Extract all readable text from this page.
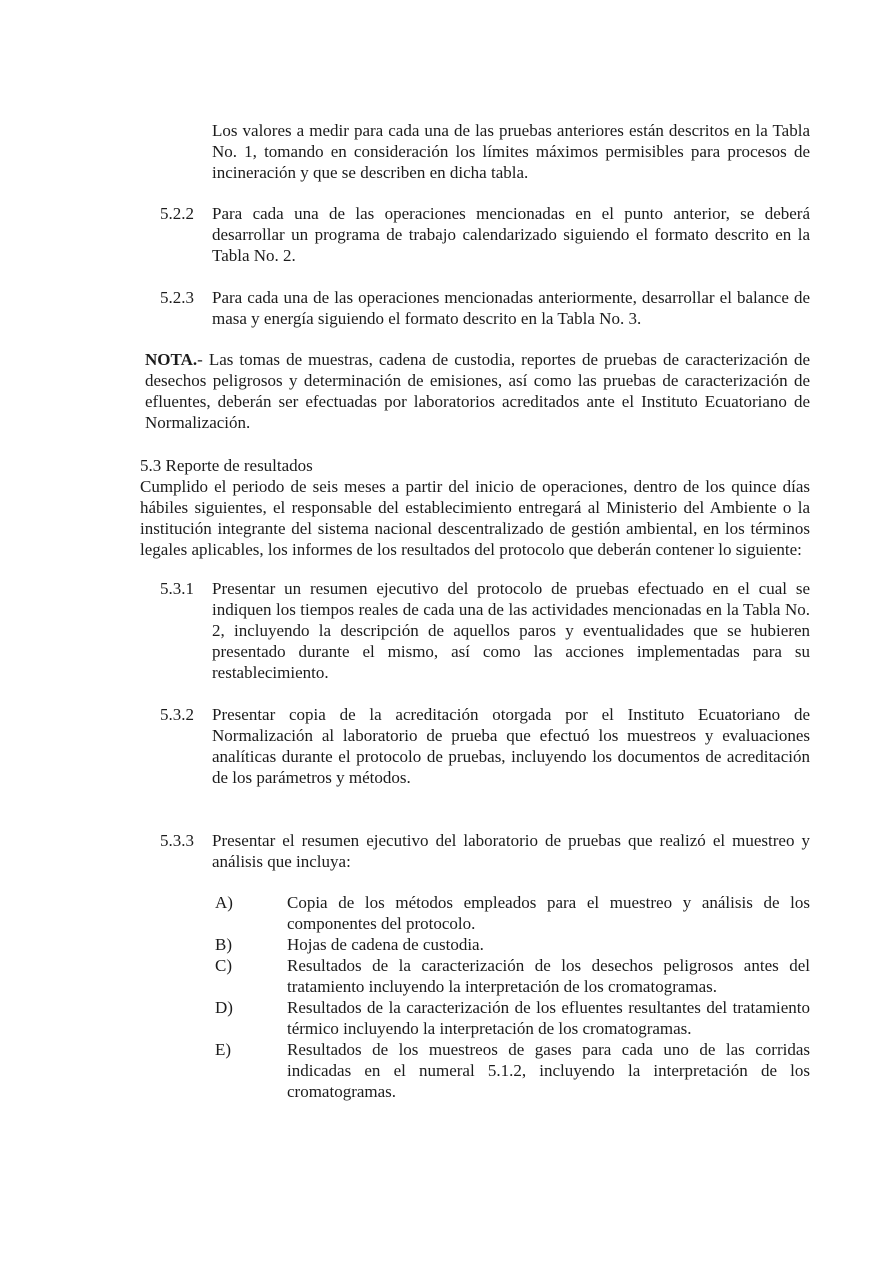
Los valores a medir para cada una de las pruebas anteriores están descritos en la Tabla No. 1, tomando en consideración los límites máximos permisibles para procesos de incineración y que se describen en dicha tabla.

5.2.2	Para cada una de las operaciones mencionadas en el punto anterior, se deberá desarrollar un programa de trabajo calendarizado siguiendo el formato descrito en la Tabla No. 2.

5.2.3	Para cada una de las operaciones mencionadas anteriormente, desarrollar el balance de masa y energía siguiendo el formato descrito en la Tabla No. 3.

NOTA.- Las tomas de muestras, cadena de custodia, reportes de pruebas de caracterización de desechos peligrosos y determinación de emisiones, así como las pruebas de caracterización de efluentes, deberán ser efectuadas por laboratorios acreditados ante el Instituto Ecuatoriano de Normalización.

5.3 Reporte de resultados

Cumplido el periodo de seis meses a partir del inicio de operaciones, dentro de los quince días hábiles siguientes, el responsable del establecimiento entregará al Ministerio del Ambiente o la institución integrante del sistema nacional descentralizado de gestión ambiental, en los términos legales aplicables, los informes de los resultados del protocolo que deberán contener lo siguiente:

5.3.1	Presentar un resumen ejecutivo del protocolo de pruebas efectuado en el cual se indiquen los tiempos reales de cada una de las actividades mencionadas en la Tabla No. 2, incluyendo la descripción de aquellos paros y eventualidades que se hubieren presentado durante el mismo, así como las acciones implementadas para su restablecimiento.

5.3.2	Presentar copia de la acreditación otorgada por el Instituto Ecuatoriano de Normalización al laboratorio de prueba que efectuó los muestreos y evaluaciones analíticas durante el protocolo de pruebas, incluyendo los documentos de acreditación de los parámetros y métodos.

5.3.3	Presentar el resumen ejecutivo del laboratorio de pruebas que realizó el muestreo y análisis que incluya:

A)	Copia de los métodos empleados para el muestreo y análisis de los componentes del protocolo.

B)	Hojas de cadena de custodia.

C)	Resultados de la caracterización de los desechos peligrosos antes del tratamiento incluyendo la interpretación de los cromatogramas.

D)	Resultados de la caracterización de los efluentes resultantes del tratamiento térmico incluyendo la interpretación de los cromatogramas.

E)	Resultados de los muestreos de gases para cada uno de las corridas indicadas en el numeral 5.1.2, incluyendo la interpretación de los cromatogramas.
